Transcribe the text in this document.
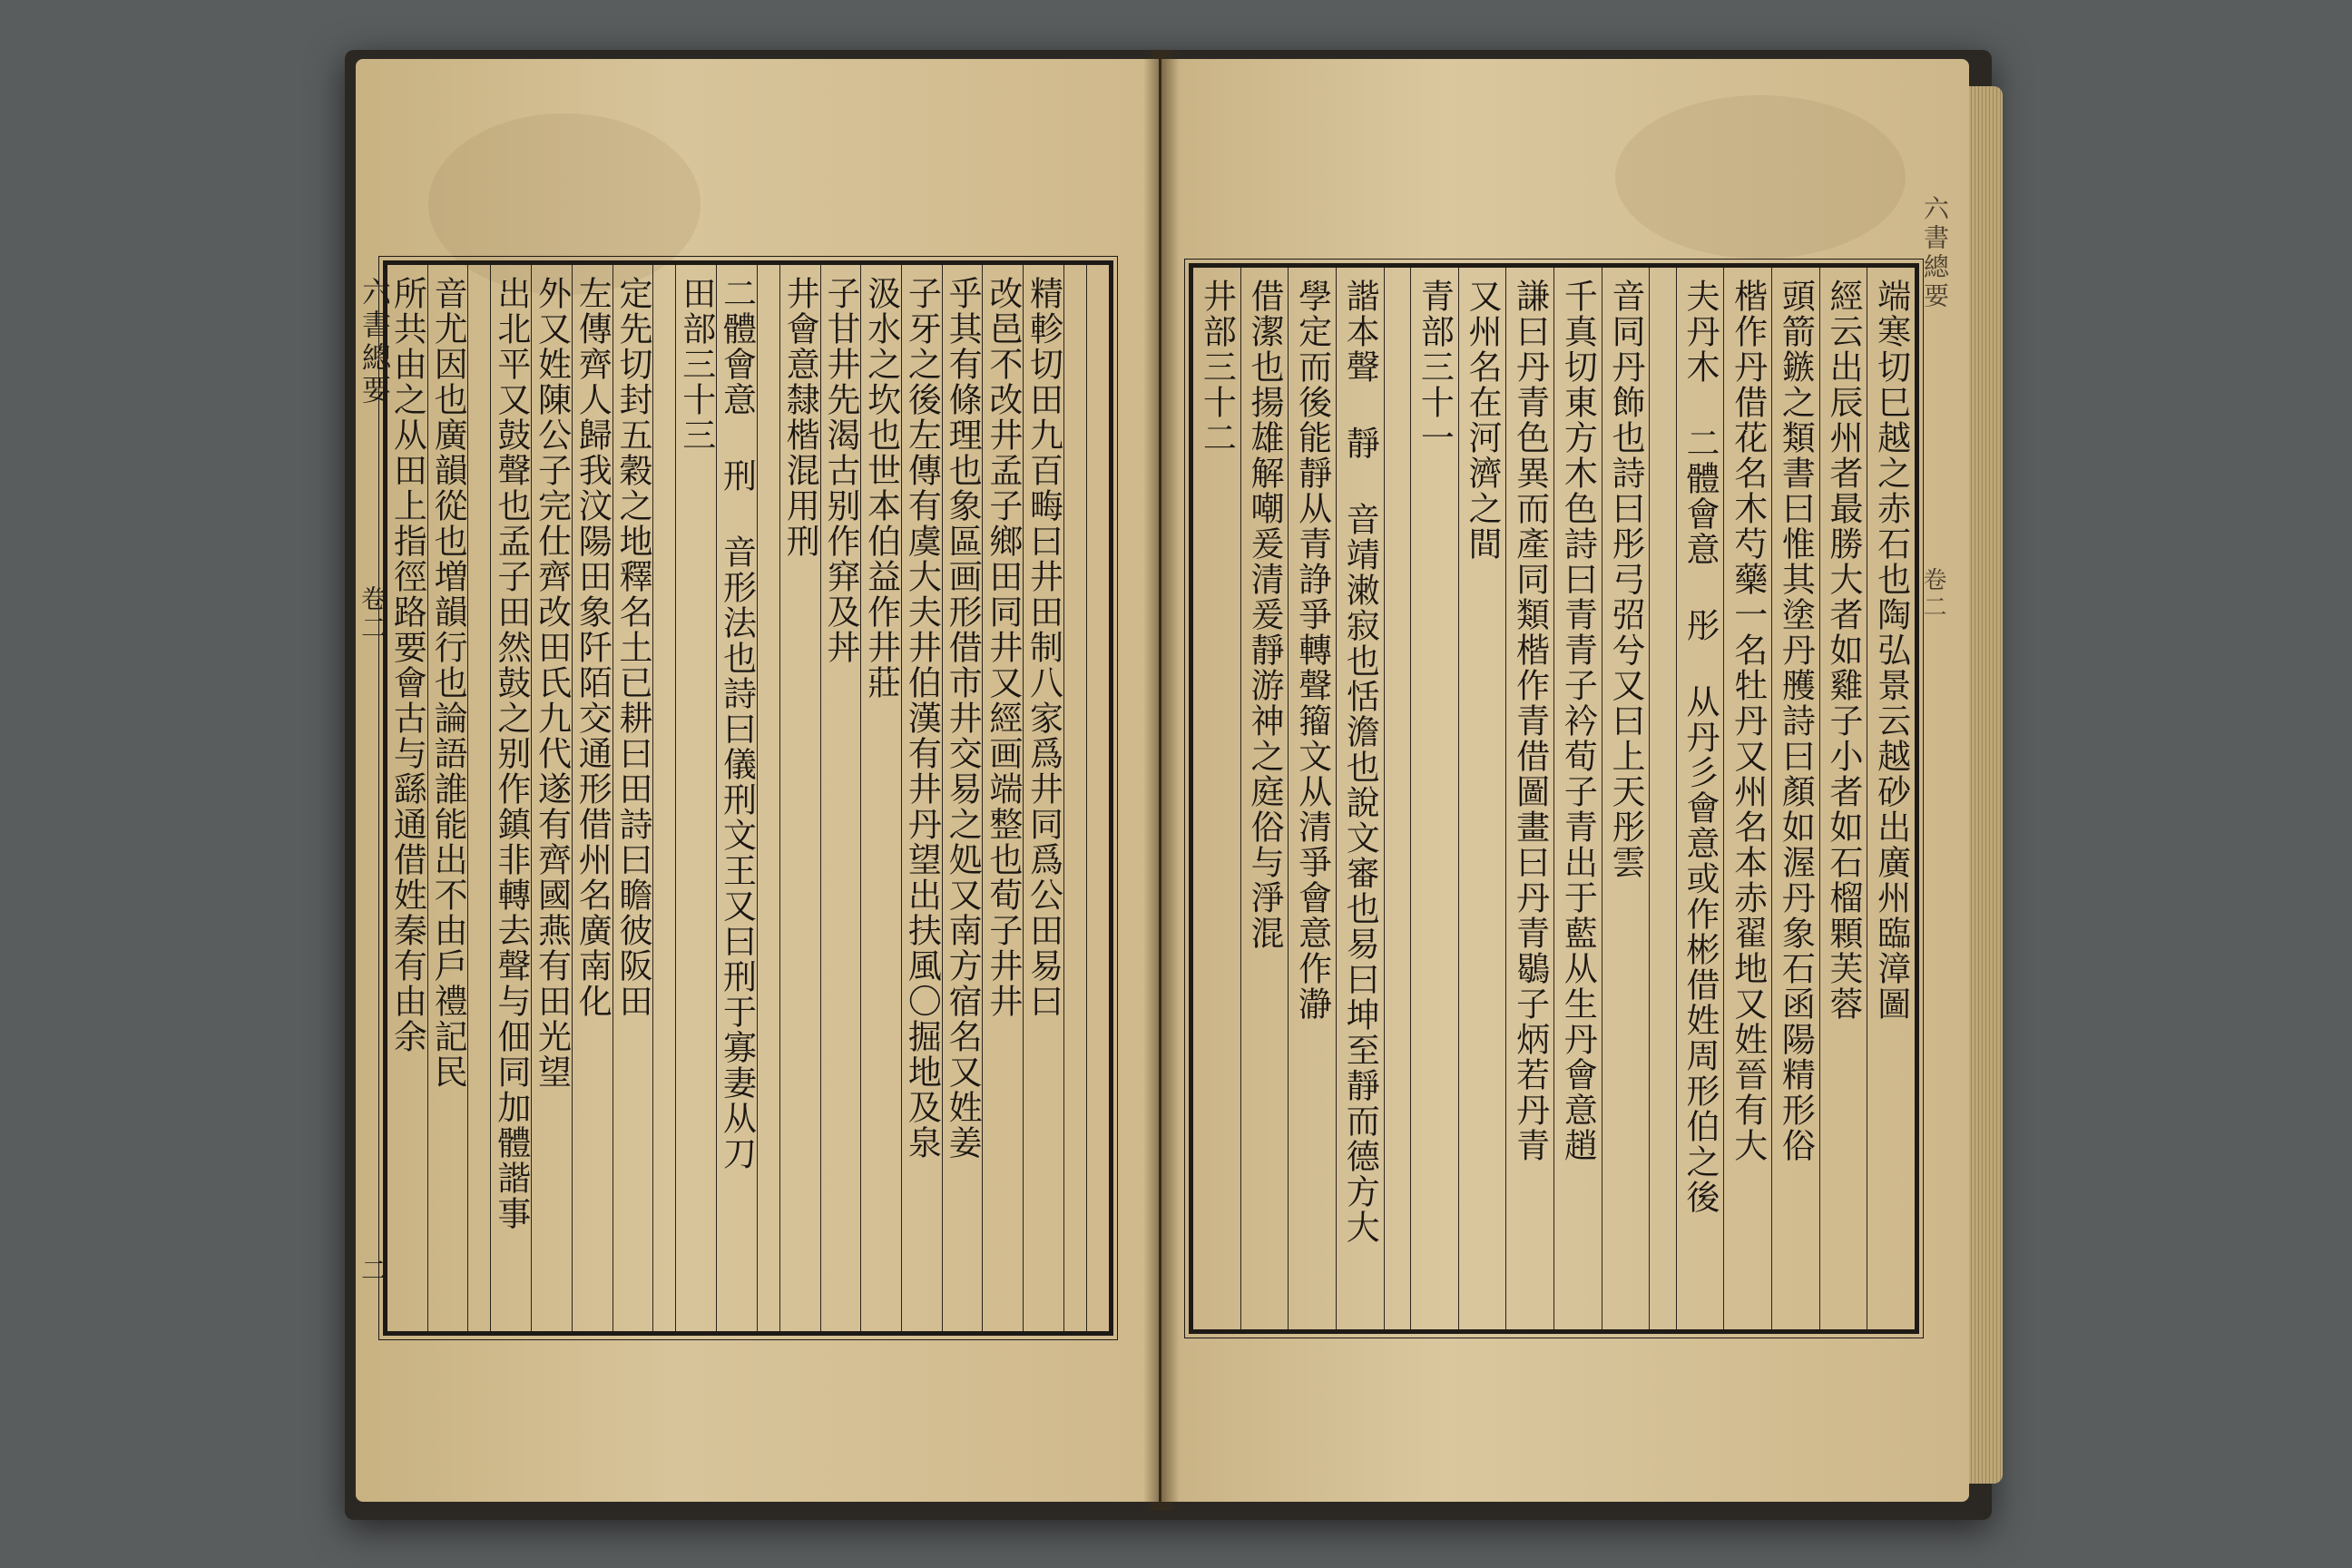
精軫切田九百畮曰井田制八家爲井同爲公田易曰
改邑不改井孟子鄉田同井又經画端整也荀子井井
乎其有條理也象區画形借市井交易之処又南方宿名又姓姜
子牙之後左傳有虞大夫井伯漢有井丹望出扶風〇掘地及泉
汲水之坎也世本伯益作井莊
子甘井先渴古别作穽及丼
井會意隸楷混用刑
二體會意 刑 音形法也詩曰儀刑文王又曰刑于寡妻从刀
田部三十三
定先切封五穀之地釋名土已耕曰田詩曰瞻彼阪田
左傳齊人歸我汶陽田象阡陌交通形借州名廣南化
外又姓陳公子完仕齊改田氏九代遂有齊國燕有田光望
出北平又鼓聲也孟子田然鼓之别作鎮非轉去聲与佃同加體諧事
音尤因也廣韻從也増韻行也論語誰能出不由戶禮記民
所共由之从田上指徑路要會古与繇通借姓秦有由余
六書總要
卷二
二
端寒切巳越之赤石也陶弘景云越砂出廣州臨漳圖
經云出辰州者最勝大者如雞子小者如石榴顆芙蓉
頭箭鏃之類書曰惟其塗丹雘詩曰顏如渥丹象石函陽精形俗
楷作丹借花名木芍藥一名牡丹又州名本赤翟地又姓晉有大
夫丹木 二體會意 彤 从丹彡會意或作彬借姓周形伯之後
音同丹飾也詩曰彤弓弨兮又曰上天彤雲
千真切東方木色詩曰青青子衿荀子青出于藍从生丹會意趙
謙曰丹青色異而產同類楷作青借圖畫曰丹青鶡子炳若丹青
又州名在河濟之間
青部三十一
諧本聲 靜 音靖潄寂也恬澹也說文審也易曰坤至靜而德方大
學定而後能靜从青諍爭轉聲籀文从清爭會意作瀞
借潔也揚雄解嘲爰清爰靜游神之庭俗与淨混
井部三十二
六書總要
卷二
